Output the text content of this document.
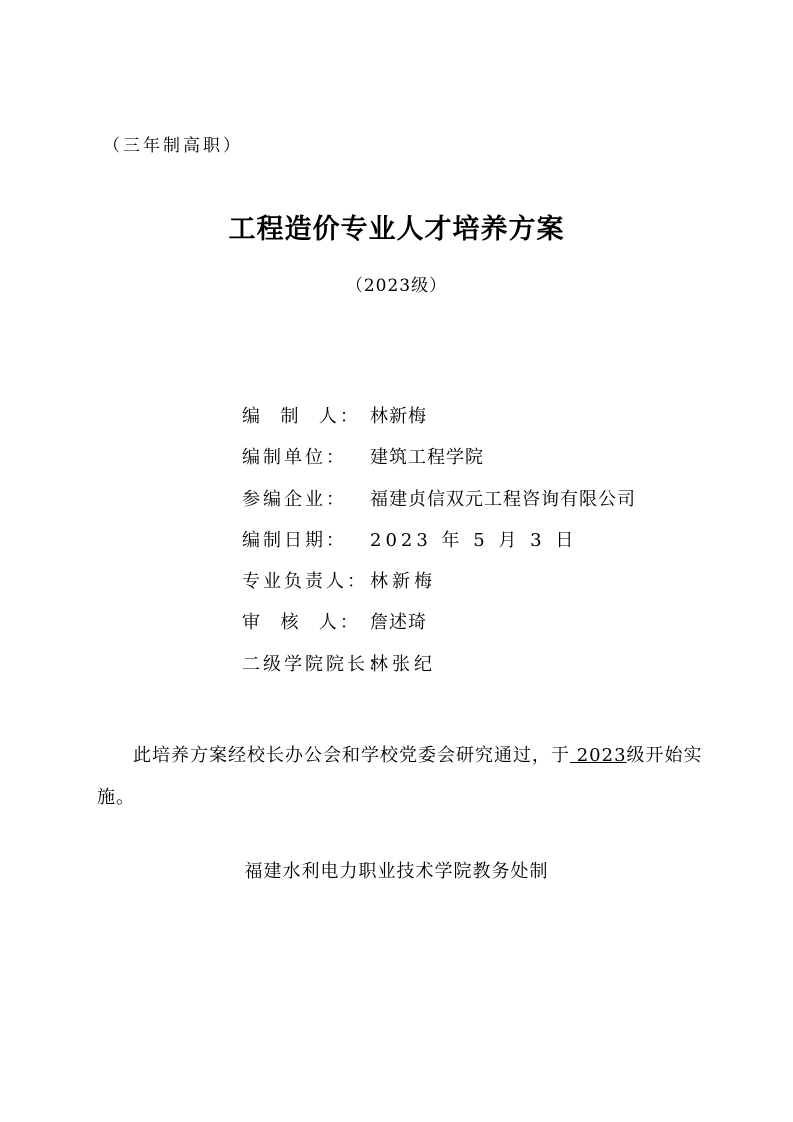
（三年制高职）
工程造价专业人才培养方案
（2023级）
编  制  人： 林新梅
编制单位：	建筑工程学院
参编企业：	福建贞信双元工程咨询有限公司
编制日期：	2023 年 5 月 3 日
专业负责人： 林新梅
审  核  人： 詹述琦
二级学院院长：
林张纪
此培养方案经校长办公会和学校党委会研究通过，于 2023级开始实施。
福建水利电力职业技术学院教务处制
